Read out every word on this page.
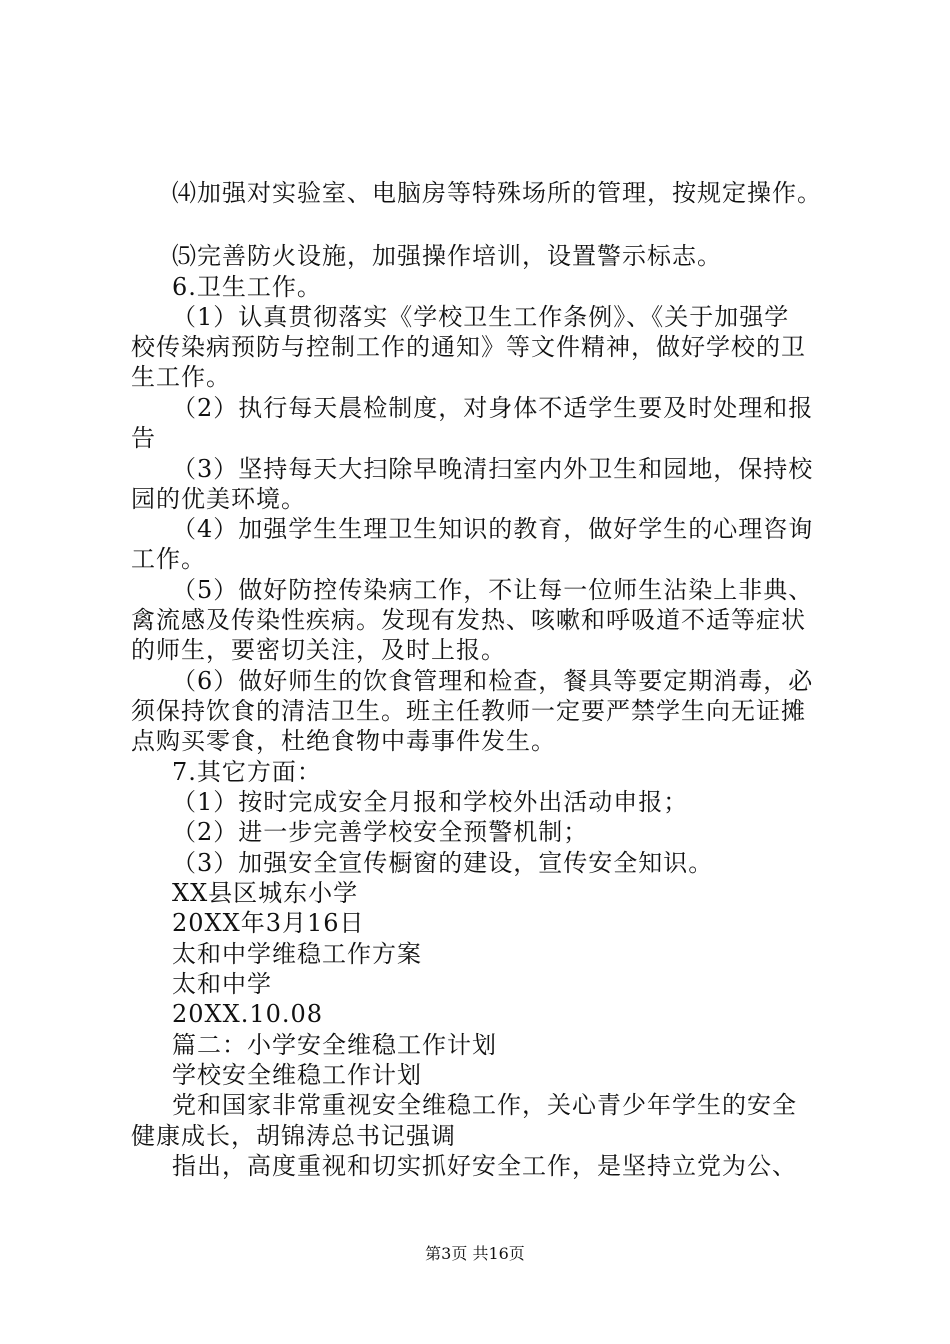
⑷加强对实验室、电脑房等特殊场所的管理，按规定操作。
⑸完善防火设施，加强操作培训，设置警示标志。
6.卫生工作。
（1）认真贯彻落实《学校卫生工作条例》、《关于加强学
校传染病预防与控制工作的通知》等文件精神，做好学校的卫
生工作。
（2）执行每天晨检制度，对身体不适学生要及时处理和报
告
（3）坚持每天大扫除早晚清扫室内外卫生和园地，保持校
园的优美环境。
（4）加强学生生理卫生知识的教育，做好学生的心理咨询
工作。
（5）做好防控传染病工作，不让每一位师生沾染上非典、
禽流感及传染性疾病。发现有发热、咳嗽和呼吸道不适等症状
的师生，要密切关注，及时上报。
（6）做好师生的饮食管理和检查，餐具等要定期消毒，必
须保持饮食的清洁卫生。班主任教师一定要严禁学生向无证摊
点购买零食，杜绝食物中毒事件发生。
7.其它方面：
（1）按时完成安全月报和学校外出活动申报；
（2）进一步完善学校安全预警机制；
（3）加强安全宣传橱窗的建设，宣传安全知识。
XX县区城东小学
20XX年3月16日
太和中学维稳工作方案
太和中学
20XX.10.08
篇二：小学安全维稳工作计划
学校安全维稳工作计划
党和国家非常重视安全维稳工作，关心青少年学生的安全
健康成长，胡锦涛总书记强调
指出，高度重视和切实抓好安全工作，是坚持立党为公、
第3页 共16页
